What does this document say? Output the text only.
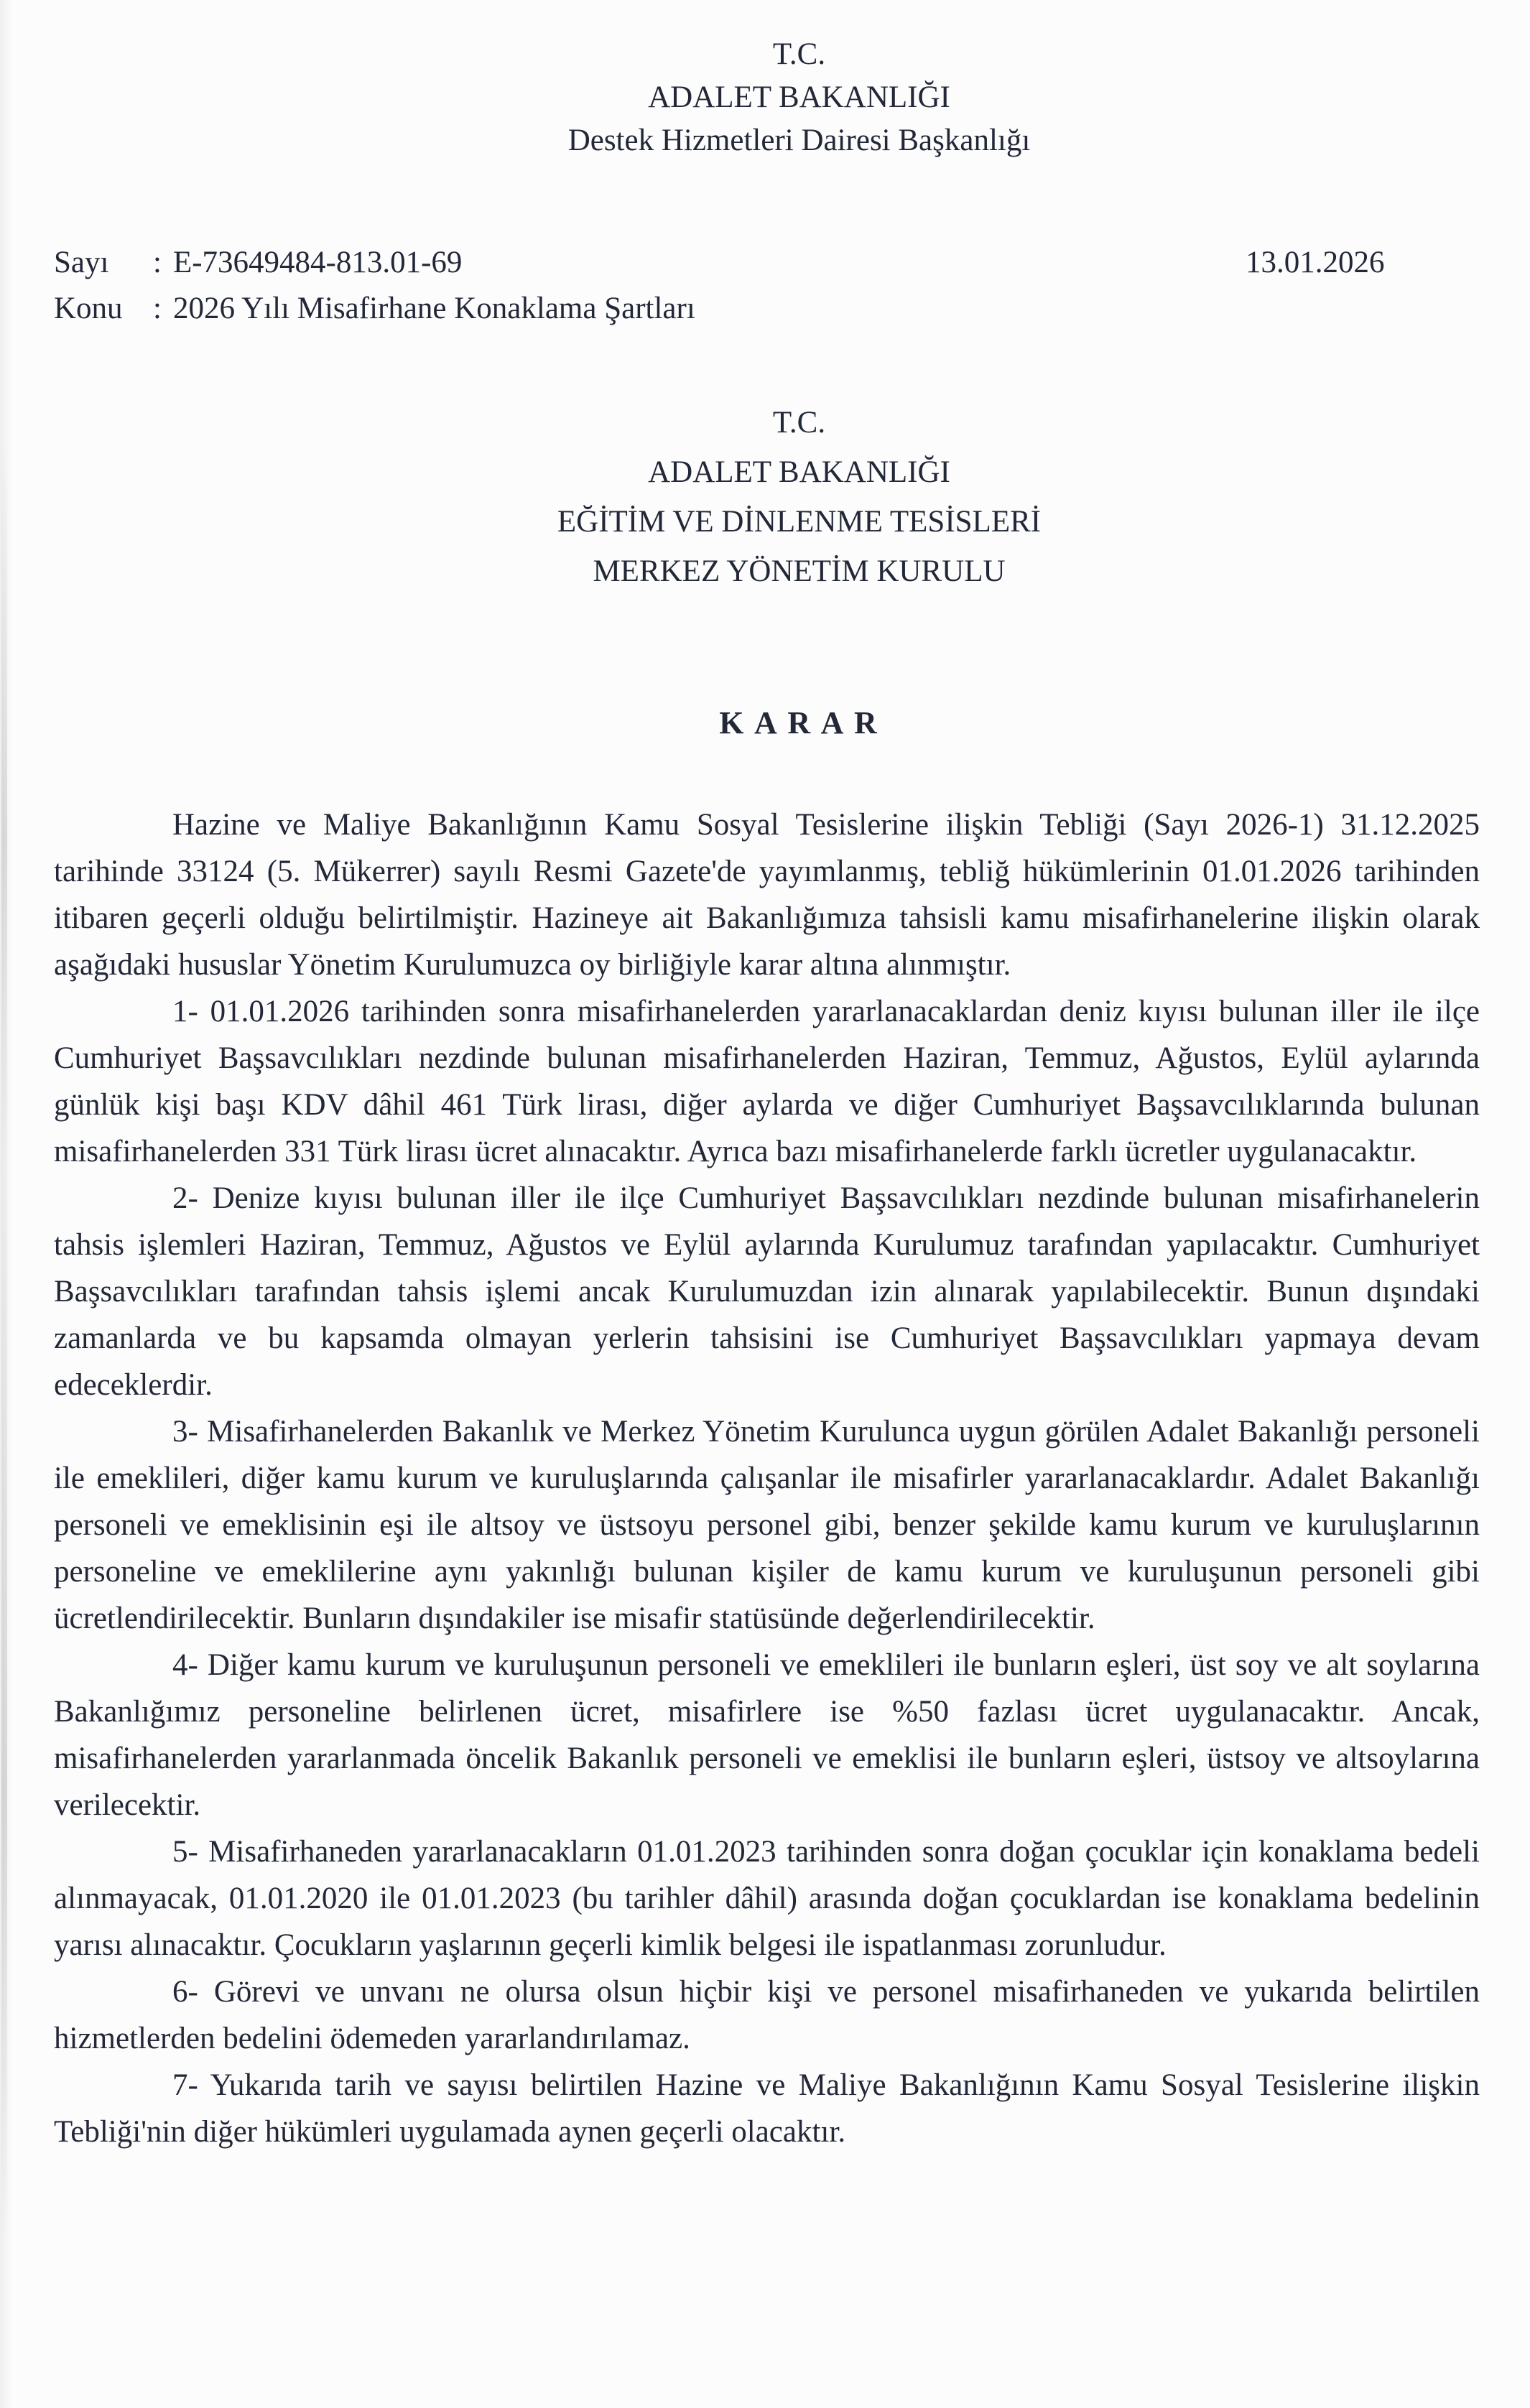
T.C.
ADALET BAKANLIĞI
Destek Hizmetleri Dairesi Başkanlığı
Sayı	: E-73649484-813.01-69
Konu : 2026 Yılı Misafirhane Konaklama Şartları
13.01.2026
T.C.
ADALET BAKANLIĞI
EĞİTİM VE DİNLENME TESİSLERİ
MERKEZ YÖNETİM KURULU
K A R A R

Hazine ve Maliye Bakanlığının Kamu Sosyal Tesislerine ilişkin Tebliği (Sayı 2026-1) 31.12.2025 tarihinde 33124 (5. Mükerrer) sayılı Resmi Gazete'de yayımlanmış, tebliğ hükümlerinin 01.01.2026 tarihinden itibaren geçerli olduğu belirtilmiştir. Hazineye ait Bakanlığımıza tahsisli kamu misafirhanelerine ilişkin olarak aşağıdaki hususlar Yönetim Kurulumuzca oy birliğiyle karar altına alınmıştır.

1- 01.01.2026 tarihinden sonra misafirhanelerden yararlanacaklardan deniz kıyısı bulunan iller ile ilçe Cumhuriyet Başsavcılıkları nezdinde bulunan misafirhanelerden Haziran, Temmuz, Ağustos, Eylül aylarında günlük kişi başı KDV dâhil 461 Türk lirası, diğer aylarda ve diğer Cumhuriyet Başsavcılıklarında bulunan misafirhanelerden 331 Türk lirası ücret alınacaktır. Ayrıca bazı misafirhanelerde farklı ücretler uygulanacaktır.

2- Denize kıyısı bulunan iller ile ilçe Cumhuriyet Başsavcılıkları nezdinde bulunan misafirhanelerin tahsis işlemleri Haziran, Temmuz, Ağustos ve Eylül aylarında Kurulumuz tarafından yapılacaktır. Cumhuriyet Başsavcılıkları tarafından tahsis işlemi ancak Kurulumuzdan izin alınarak yapılabilecektir. Bunun dışındaki zamanlarda ve bu kapsamda olmayan yerlerin tahsisini ise Cumhuriyet Başsavcılıkları yapmaya devam edeceklerdir.

3- Misafirhanelerden Bakanlık ve Merkez Yönetim Kurulunca uygun görülen Adalet Bakanlığı personeli ile emeklileri, diğer kamu kurum ve kuruluşlarında çalışanlar ile misafirler yararlanacaklardır. Adalet Bakanlığı personeli ve emeklisinin eşi ile altsoy ve üstsoyu personel gibi, benzer şekilde kamu kurum ve kuruluşlarının personeline ve emeklilerine aynı yakınlığı bulunan kişiler de kamu kurum ve kuruluşunun personeli gibi ücretlendirilecektir. Bunların dışındakiler ise misafir statüsünde değerlendirilecektir.

4- Diğer kamu kurum ve kuruluşunun personeli ve emeklileri ile bunların eşleri, üst soy ve alt soylarına Bakanlığımız personeline belirlenen ücret, misafirlere ise %50 fazlası ücret uygulanacaktır. Ancak, misafirhanelerden yararlanmada öncelik Bakanlık personeli ve emeklisi ile bunların eşleri, üstsoy ve altsoylarına verilecektir.

5- Misafirhaneden yararlanacakların 01.01.2023 tarihinden sonra doğan çocuklar için konaklama bedeli alınmayacak, 01.01.2020 ile 01.01.2023 (bu tarihler dâhil) arasında doğan çocuklardan ise konaklama bedelinin yarısı alınacaktır. Çocukların yaşlarının geçerli kimlik belgesi ile ispatlanması zorunludur.

6- Görevi ve unvanı ne olursa olsun hiçbir kişi ve personel misafirhaneden ve yukarıda belirtilen hizmetlerden bedelini ödemeden yararlandırılamaz.

7- Yukarıda tarih ve sayısı belirtilen Hazine ve Maliye Bakanlığının Kamu Sosyal Tesislerine ilişkin Tebliği'nin diğer hükümleri uygulamada aynen geçerli olacaktır.
